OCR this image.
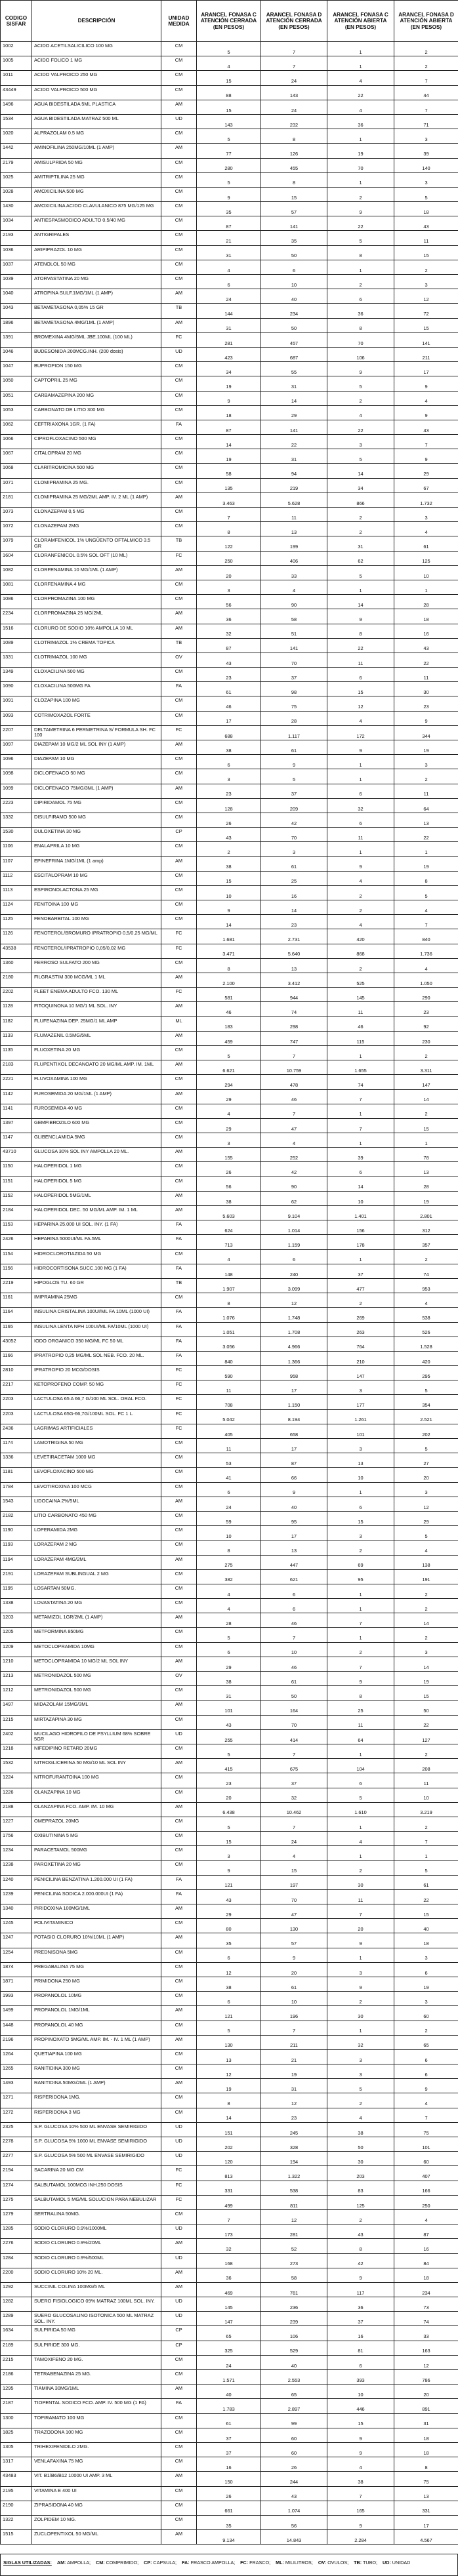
CODIGO SISFAR	DESCRIPCIÓN	UNIDAD MEDIDA	ARANCEL FONASA C ATENCIÓN CERRADA (EN PESOS)	ARANCEL FONASA D ATENCIÓN CERRADA (EN PESOS)	ARANCEL FONASA C ATENCIÓN ABIERTA (EN PESOS)	ARANCEL FONASA D ATENCIÓN ABIERTA (EN PESOS)
1002	ACIDO ACETILSALICILICO 100 MG	CM	5	7	1	2
1005	ACIDO FOLICO 1 MG	CM	4	7	1	2
1011	ACIDO VALPROICO 250 MG	CM	15	24	4	7
43449	ACIDO VALPROICO 500 MG	CM	88	143	22	44
1496	AGUA BIDESTILADA 5ML PLASTICA	AM	15	24	4	7
1534	AGUA BIDESTILADA MATRAZ 500 ML	UD	143	232	36	71
1020	ALPRAZOLAM 0.5 MG	CM	5	8	1	3
1442	AMINOFILINA 250MG/10ML (1 AMP)	AM	77	126	19	39
2179	AMISULPRIDA 50 MG	CM	280	455	70	140
1025	AMITRIPTILINA 25 MG	CM	5	8	1	3
1028	AMOXICILINA 500 MG	CM	9	15	2	5
1430	AMOXICILINA ACIDO CLAVULANICO 875 MG/125 MG	CM	35	57	9	18
1034	ANTIESPASMODICO ADULTO 0.5/40 MG	CM	87	141	22	43
2193	ANTIGRIPALES	CM	21	35	5	11
1036	ARIPIPRAZOL 10 MG	CM	31	50	8	15
1037	ATENOLOL 50 MG	CM	4	6	1	2
1039	ATORVASTATINA 20 MG	CM	6	10	2	3
1040	ATROPINA SULF.1MG/1ML (1 AMP)	AM	24	40	6	12
1043	BETAMETASONA 0,05% 15 GR	TB	144	234	36	72
1896	BETAMETASONA 4MG/1ML (1 AMP)	AM	31	50	8	15
1391	BROMEXINA 4MG/5ML JBE.100ML (100 ML)	FC	281	457	70	141
1046	BUDESONIDA 200MCG.INH. (200 dosis)	UD	423	687	106	211
1047	BUPROPION 150 MG	CM	34	55	9	17
1050	CAPTOPRIL 25 MG	CM	19	31	5	9
1051	CARBAMAZEPINA 200 MG	CM	9	14	2	4
1053	CARBONATO DE LITIO 300 MG	CM	18	29	4	9
1062	CEFTRIAXONA 1GR. (1 FA)	FA	87	141	22	43
1066	CIPROFLOXACINO 500 MG	CM	14	22	3	7
1067	CITALOPRAM 20 MG	CM	19	31	5	9
1068	CLARITROMICINA 500 MG	CM	58	94	14	29
1071	CLOMIPRAMINA 25 MG.	CM	135	219	34	67
2181	CLOMIPRAMINA 25 MG/2ML AMP. IV. 2 ML (1 AMP)	AM	3.463	5.628	866	1.732
1073	CLONAZEPAM 0,5 MG	CM	7	11	2	3
1072	CLONAZEPAM 2MG	CM	8	13	2	4
1079	CLORAMFENICOL 1% UNGÜENTO OFTALMICO 3.5 GR	TB	122	199	31	61
1604	CLORANFENICOL 0.5% SOL OFT (10 ML)	FC	250	406	62	125
1082	CLORFENAMINA 10 MG/1ML (1 AMP)	AM	20	33	5	10
1081	CLORFENAMINA 4 MG	CM	3	4	1	1
1086	CLORPROMAZINA 100 MG	CM	56	90	14	28
2234	CLORPROMAZINA 25 MG/2ML	AM	36	58	9	18
1516	CLORURO DE SODIO 10% AMPOLLA 10 ML	AM	32	51	8	16
1089	CLOTRIMAZOL 1% CREMA TOPICA	TB	87	141	22	43
1331	CLOTRIMAZOL 100 MG	OV	43	70	11	22
1349	CLOXACILINA 500 MG	CM	23	37	6	11
1090	CLOXACILINA 500MG FA	FA	61	98	15	30
1091	CLOZAPINA 100 MG	CM	46	75	12	23
1093	COTRIMOXAZOL FORTE	CM	17	28	4	9
2207	DELTAMETRINA 6 PERMETRINA S/ FORMULA SH. FC 100	FC	688	1.117	172	344
1097	DIAZEPAM 10 MG/2 ML SOL INY (1 AMP)	AM	38	61	9	19
1096	DIAZEPAM 10 MG	CM	6	9	1	3
1098	DICLOFENACO 50 MG	CM	3	5	1	2
1099	DICLOFENACO 75MG/3ML (1 AMP)	AM	23	37	6	11
2223	DIPIRIDAMOL 75 MG	CM	128	209	32	64
1332	DISULFIRAMO 500 MG	CM	26	42	6	13
1530	DULOXETINA 30 MG	CP	43	70	11	22
1106	ENALAPRILA 10 MG	CM	2	3	1	1
1107	EPINEFRINA 1MG/1ML (1 amp)	AM	38	61	9	19
1112	ESCITALOPRAM 10 MG	CM	15	25	4	8
1113	ESPIRONOLACTONA 25 MG	CM	10	16	2	5
1124	FENITOINA 100 MG	CM	9	14	2	4
1125	FENOBARBITAL 100 MG	CM	14	23	4	7
1126	FENOTEROL/BROMURO IPRATROPIO 0,5/0,25 MG/ML	FC	1.681	2.731	420	840
43538	FENOTEROL/IPRATROPIO 0,05/0,02 MG	FC	3.471	5.640	868	1.736
1360	FERROSO SULFATO 200 MG	CM	8	13	2	4
2180	FILGRASTIM 300 MCG/ML 1 ML	AM	2.100	3.412	525	1.050
2202	FLEET ENEMA ADULTO FCO. 130 ML	FC	581	944	145	290
1128	FITOQUINONA 10 MG/1 ML SOL. INY	AM	46	74	11	23
1182	FLUFENAZINA DEP. 25MG/1 ML AMP	ML	183	298	46	92
1133	FLUMAZENIL 0.5MG/5ML	AM	459	747	115	230
1135	FLUOXETINA 20 MG	CM	5	7	1	2
2183	FLUPENTIXOL DECANOATO 20 MG/ML AMP. IM. 1ML	AM	6.621	10.759	1.655	3.311
2221	FLUVOXAMINA 100 MG	CM	294	478	74	147
1142	FUROSEMIDA 20 MG/1ML (1 AMP)	AM	29	46	7	14
1141	FUROSEMIDA 40 MG	CM	4	7	1	2
1397	GEMFIBROZILO 600 MG	CM	29	47	7	15
1147	GLIBENCLAMIDA 5MG	CM	3	4	1	1
43710	GLUCOSA 30% SOL INY AMPOLLA 20 ML.	AM	155	252	39	78
1150	HALOPERIDOL 1 MG	CM	26	42	6	13
1151	HALOPERIDOL 5 MG	CM	56	90	14	28
1152	HALOPERIDOL 5MG/1ML	AM	38	62	10	19
2184	HALOPERIDOL DEC. 50 MG/ML AMP. IM. 1 ML	AM	5.603	9.104	1.401	2.801
1153	HEPARINA 25.000 UI SOL. INY. (1 FA)	FA	624	1.014	156	312
2426	HEPARINA 5000UI/ML FA.5ML	FA	713	1.159	178	357
1154	HIDROCLOROTIAZIDA 50 MG	CM	4	6	1	2
1156	HIDROCORTISONA SUCC.100 MG (1 FA)	FA	148	240	37	74
2219	HIPOGLOS TU. 60 GR	TB	1.907	3.099	477	953
1161	IMIPRAMINA 25MG	CM	8	12	2	4
1164	INSULINA CRISTALINA 100UI/ML FA 10ML (1000 UI)	FA	1.076	1.748	269	538
1165	INSULINA LENTA NPH 100UI/ML FA/10ML (1000 UI)	FA	1.051	1.708	263	526
43052	IODO ORGANICO 350 MG/ML FC 50 ML	FA	3.056	4.966	764	1.528
1166	IPRATROPIO 0,25 MG/ML SOL NEB. FCO. 20 ML.	FA	840	1.366	210	420
2810	IPRATROPIO 20 MCG/DOSIS	FC	590	958	147	295
2217	KETOPROFENO COMP. 50 MG	FC	11	17	3	5
2203	LACTULOSA 65 A 66,7 G/100 ML SOL. ORAL FCO.	FC	708	1.150	177	354
2203	LACTULOSA 65G-66,7G/100ML SOL. FC 1 L.	FC	5.042	8.194	1.261	2.521
2436	LAGRIMAS ARTIFICIALES	FC	405	658	101	202
1174	LAMOTRIGINA 50 MG	CM	11	17	3	5
1336	LEVETIRACETAM 1000 MG	CM	53	87	13	27
1181	LEVOFLOXACINO 500 MG	CM	41	66	10	20
1784	LEVOTIROXINA 100 MCG	CM	6	9	1	3
1543	LIDOCAINA 2%/5ML	AM	24	40	6	12
2182	LITIO CARBONATO 450 MG	CM	59	95	15	29
1190	LOPERAMIDA 2MG	CM	10	17	3	5
1193	LORAZEPAM 2 MG	CM	8	13	2	4
1194	LORAZEPAM 4MG/2ML	AM	275	447	69	138
2191	LORAZEPAM SUBLINGUAL 2 MG	CM	382	621	95	191
1195	LOSARTAN 50MG.	CM	4	6	1	2
1338	LOVASTATINA 20 MG	CM	4	6	1	2
1203	METAMIZOL 1GR/2ML (1 AMP)	AM	28	46	7	14
1205	METFORMINA 850MG	CM	5	7	1	2
1209	METOCLOPRAMIDA 10MG	CM	6	10	2	3
1210	METOCLOPRAMIDA 10 MG/2 ML SOL INY	AM	29	46	7	14
1213	METRONIDAZOL 500 MG	OV	38	61	9	19
1212	METRONIDAZOL 500 MG	CM	31	50	8	15
1497	MIDAZOLAM 15MG/3ML	AM	101	164	25	50
1215	MIRTAZAPINA 30 MG	CM	43	70	11	22
2402	MUCILAGO HIDROFILO DE PSYLLIUM 68% SOBRE 5GR	UD	255	414	64	127
1218	NIFEDIPINO RETARD 20MG	CM	5	7	1	2
1532	NITROGLICERINA 50 MG/10 ML SOL INY	AM	415	675	104	208
1224	NITROFURANTOINA 100 MG	CM	23	37	6	11
1226	OLANZAPINA 10 MG	CM	20	32	5	10
2188	OLANZAPINA FCO. AMP. IM. 10 MG	AM	6.438	10.462	1.610	3.219
1227	OMEPRAZOL 20MG	CM	5	7	1	2
1756	OXIBUTININA 5 MG	CM	15	24	4	7
1234	PARACETAMOL 500MG	CM	3	4	1	1
1238	PAROXETINA 20 MG	CM	9	15	2	5
1240	PENICILINA BENZATINA 1.200.000 UI (1 FA)	FA	121	197	30	61
1239	PENICILINA SODICA 2.000.000UI (1 FA)	FA	43	70	11	22
1340	PIRIDOXINA 100MG/1ML	AM	29	47	7	15
1245	POLIVITAMINICO	CM	80	130	20	40
1247	POTASIO CLORURO 10%/10ML (1 AMP)	AM	35	57	9	18
1254	PREDNISONA 5MG	CM	6	9	1	3
1874	PREGABALINA 75 MG	CM	12	20	3	6
1871	PRIMIDONA 250 MG	CM	38	61	9	19
1993	PROPANOLOL 10MG	CM	6	10	2	3
1499	PROPANOLOL 1MG/1ML	AM	121	196	30	60
1448	PROPANOLOL 40 MG	CM	5	7	1	2
2196	PROPINOXATO 5MG/ML AMP. IM. - IV. 1 ML (1 AMP)	AM	130	211	32	65
1264	QUETIAPINA 100 MG	CM	13	21	3	6
1265	RANITIDINA 300 MG	CM	12	19	3	6
1493	RANITIDINA 50MG/2ML (1 AMP)	AM	19	31	5	9
1271	RISPERIDONA 1MG.	CM	8	12	2	4
1272	RISPERIDONA 3 MG	CM	14	23	4	7
2325	S.P. GLUCOSA 10% 500 ML ENVASE SEMIRIGIDO	UD	151	245	38	75
2278	S.P. GLUCOSA 5% 1000 ML ENVASE SEMIRIGIDO	UD	202	328	50	101
2277	S.P. GLUCOSA 5% 500 ML ENVASE SEMIRIGIDO	UD	120	194	30	60
2194	SACARINA 20 MG CM	FC	813	1.322	203	407
1274	SALBUTAMOL 100MCG INH.250 DOSIS	FC	331	538	83	166
1275	SALBUTAMOL 5 MG/ML SOLUCION PARA NEBULIZAR	FC	499	811	125	250
1279	SERTRALINA 50MG.	CM	7	12	2	4
1285	SODIO CLORURO 0.9%/1000ML	UD	173	281	43	87
2276	SODIO CLORURO 0.9%/20ML	AM	32	52	8	16
1284	SODIO CLORURO 0.9%/500ML	UD	168	273	42	84
2200	SODIO CLORURO 10% 20 ML.	AM	36	58	9	18
1292	SUCCINIL COLINA 100MG/5 ML	AM	469	761	117	234
1282	SUERO FISIOLOGICO 09% MATRAZ 100ML SOL. INY.	UD	145	236	36	73
1289	SUERO GLUCOSALINO ISOTONICA 500 ML MATRAZ SOL. INY.	UD	147	239	37	74
1634	SULPIRIDA 50 MG	CP	65	106	16	33
2189	SULPIRIDE 300 MG.	CP	325	529	81	163
2215	TAMOXIFENO 20 MG.	CM	24	40	6	12
2186	TETRABENAZINA 25 MG.	CM	1.571	2.553	393	786
1295	TIAMINA 30MG/1ML	AM	40	65	10	20
2187	TIOPENTAL SODICO FCO. AMP. IV. 500 MG (1 FA)	FA	1.783	2.897	446	891
1300	TOPIRAMATO 100 MG	CM	61	99	15	31
1825	TRAZODONA 100 MG	CM	37	60	9	18
1305	TRIHEXIFENIDILO 2MG.	CM	37	60	9	18
1317	VENLAFAXINA 75 MG	CM	16	26	4	8
43483	VIT. B1/B6/B12 10000 UI AMP. 3 ML	AM	150	244	38	75
2195	VITAMINA E 400 UI	CM	26	43	7	13
2190	ZIPRASIDONA 40 MG	CM	661	1.074	165	331
1322	ZOLPIDEM 10 MG.	CM	35	56	9	17
1515	ZUCLOPENTIXOL 50 MG/ML	AM	9.134	14.843	2.284	4.567
SIGLAS UTILIZADAS: AM: AMPOLLA; CM: COMPRIMIDO; CP: CAPSULA; FA: FRASCO AMPOLLA; FC: FRASCO; ML: MILILITROS; OV: OVULOS; TB: TUBO; UD: UNIDAD
